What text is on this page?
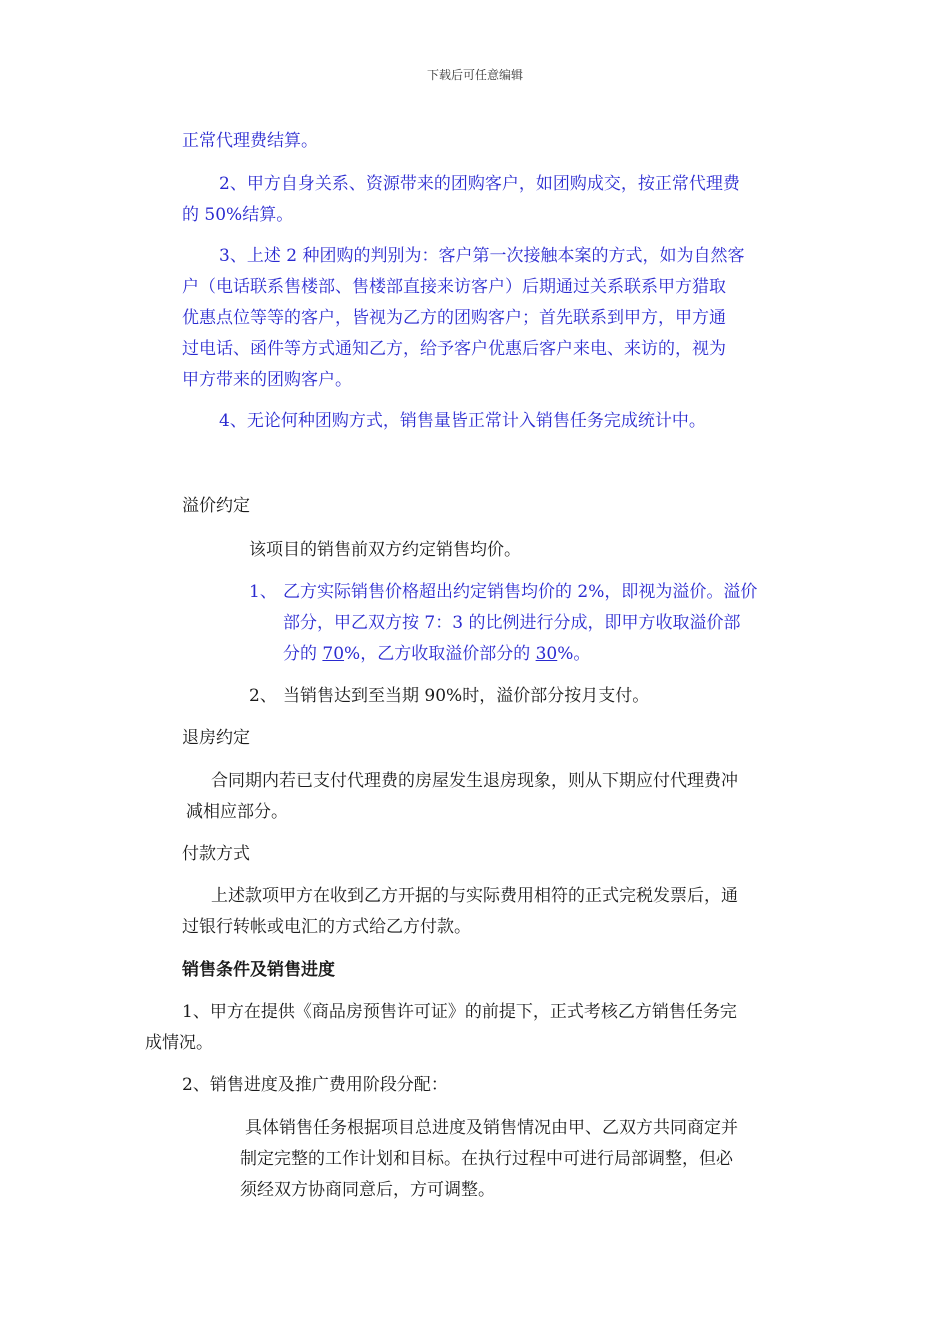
下载后可任意编辑

正常代理费结算。

2、甲方自身关系、资源带来的团购客户，如团购成交，按正常代理费

的 50%结算。

3、上述 2 种团购的判别为：客户第一次接触本案的方式，如为自然客

户（电话联系售楼部、售楼部直接来访客户）后期通过关系联系甲方猎取

优惠点位等等的客户，皆视为乙方的团购客户；首先联系到甲方，甲方通

过电话、函件等方式通知乙方，给予客户优惠后客户来电、来访的，视为

甲方带来的团购客户。

4、无论何种团购方式，销售量皆正常计入销售任务完成统计中。

溢价约定

该项目的销售前双方约定销售均价。

1、 乙方实际销售价格超出约定销售均价的 2%，即视为溢价。溢价

部分，甲乙双方按 7：3 的比例进行分成，即甲方收取溢价部

分的 70%，乙方收取溢价部分的 30%。

2、 当销售达到至当期 90%时，溢价部分按月支付。

退房约定

合同期内若已支付代理费的房屋发生退房现象，则从下期应付代理费冲

减相应部分。

付款方式

上述款项甲方在收到乙方开据的与实际费用相符的正式完税发票后，通

过银行转帐或电汇的方式给乙方付款。

销售条件及销售进度

1、甲方在提供《商品房预售许可证》的前提下，正式考核乙方销售任务完

成情况。

2、销售进度及推广费用阶段分配：

具体销售任务根据项目总进度及销售情况由甲、乙双方共同商定并

制定完整的工作计划和目标。在执行过程中可进行局部调整，但必

须经双方协商同意后，方可调整。
